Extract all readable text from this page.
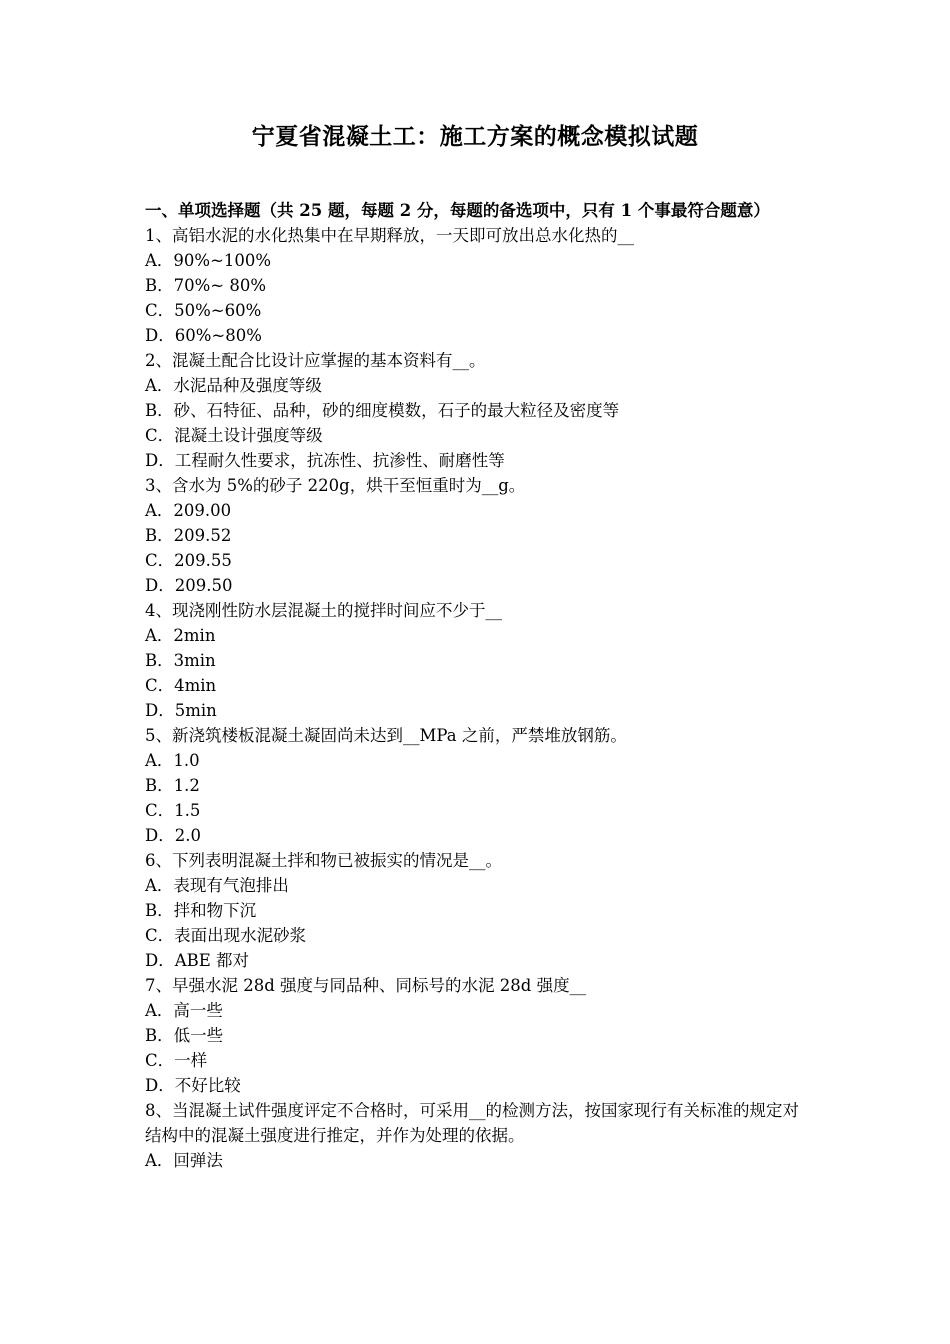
宁夏省混凝土工：施工方案的概念模拟试题
一、单项选择题（共 25 题，每题 2 分，每题的备选项中，只有 1 个事最符合题意）
1、高铝水泥的水化热集中在早期释放，一天即可放出总水化热的__
A．90%~100%
B．70%~ 80%
C．50%~60%
D．60%~80%
2、混凝土配合比设计应掌握的基本资料有__。
A．水泥品种及强度等级
B．砂、石特征、品种，砂的细度模数，石子的最大粒径及密度等
C．混凝土设计强度等级
D．工程耐久性要求，抗冻性、抗渗性、耐磨性等
3、含水为 5%的砂子 220g，烘干至恒重时为__g。
A．209.00
B．209.52
C．209.55
D．209.50
4、现浇刚性防水层混凝土的搅拌时间应不少于__
A．2min
B．3min
C．4min
D．5min
5、新浇筑楼板混凝土凝固尚未达到__MPa 之前，严禁堆放钢筋。
A．1.0
B．1.2
C．1.5
D．2.0
6、下列表明混凝土拌和物已被振实的情况是__。
A．表现有气泡排出
B．拌和物下沉
C．表面出现水泥砂浆
D．ABE 都对
7、早强水泥 28d 强度与同品种、同标号的水泥 28d 强度__
A．高一些
B．低一些
C．一样
D．不好比较
8、当混凝土试件强度评定不合格时，可采用__的检测方法，按国家现行有关标准的规定对结构中的混凝土强度进行推定，并作为处理的依据。
A．回弹法
